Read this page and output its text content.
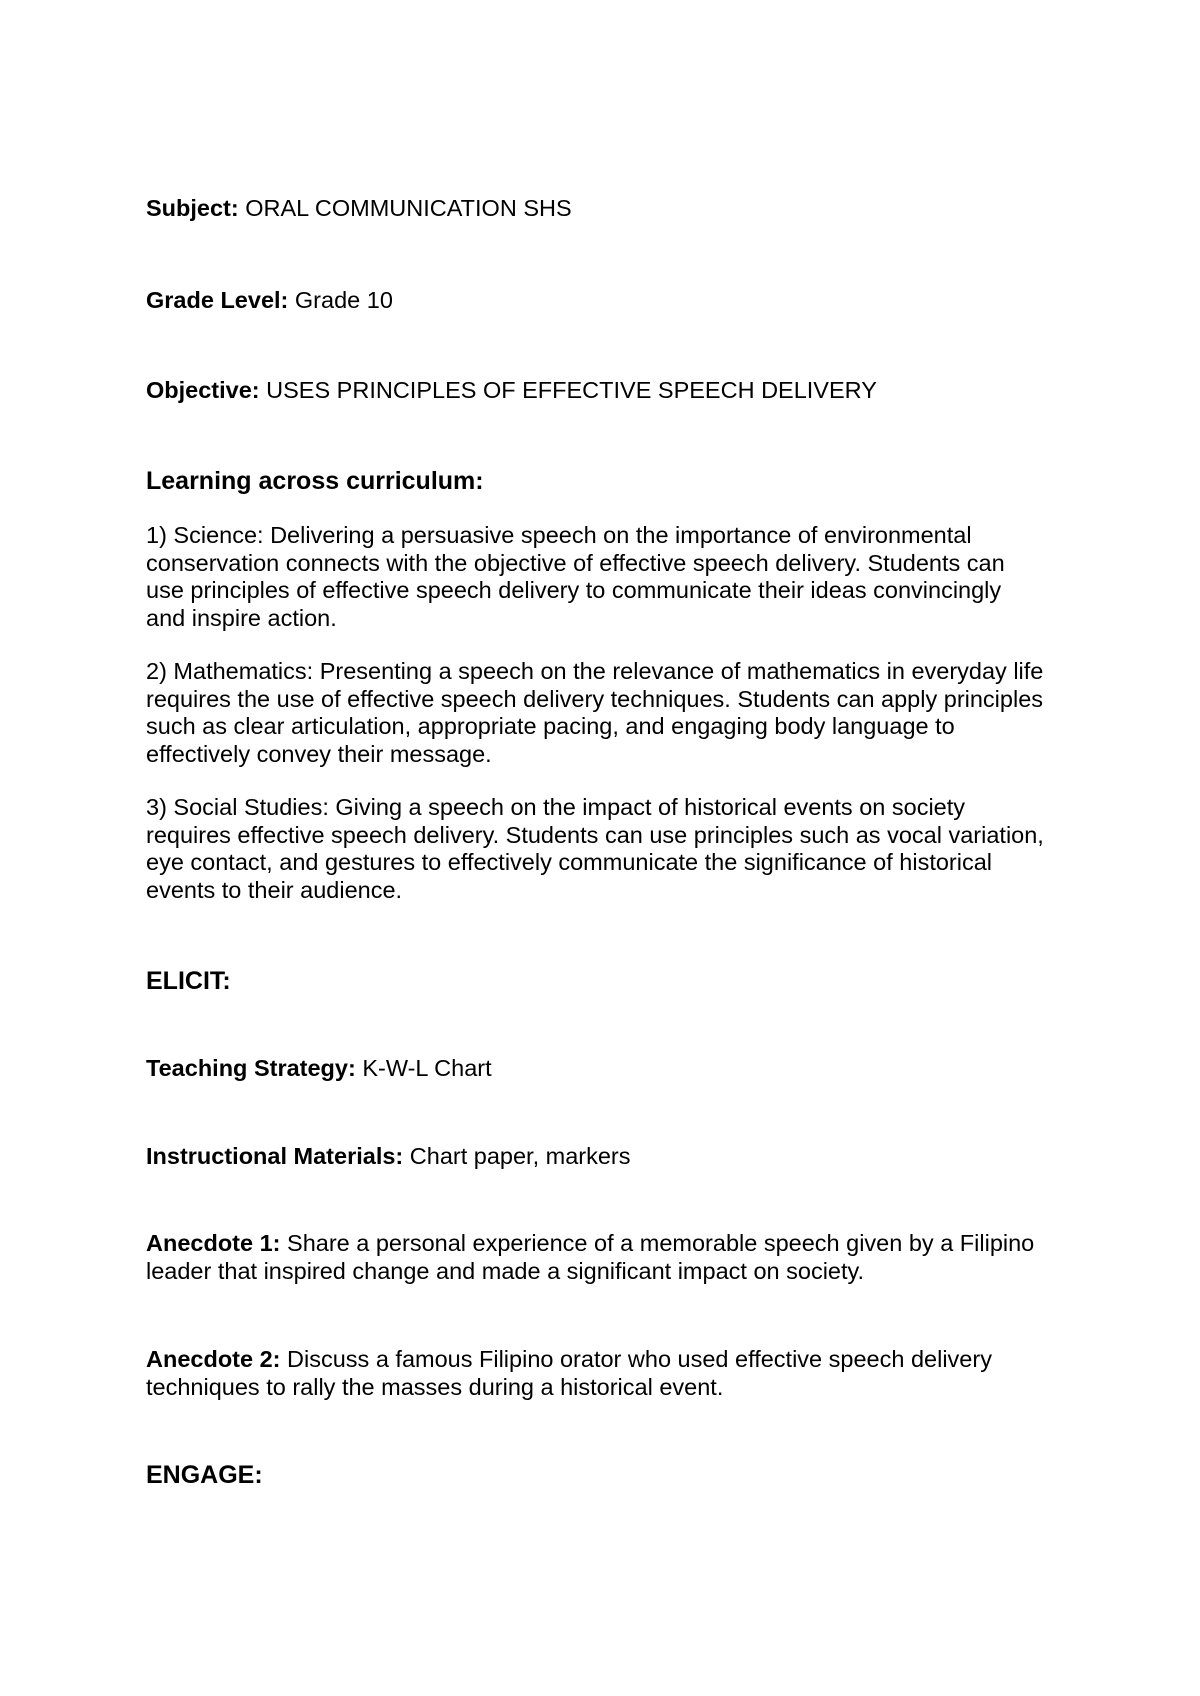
Subject: ORAL COMMUNICATION SHS

Grade Level: Grade 10

Objective: USES PRINCIPLES OF EFFECTIVE SPEECH DELIVERY

Learning across curriculum:

1) Science: Delivering a persuasive speech on the importance of environmental conservation connects with the objective of effective speech delivery. Students can use principles of effective speech delivery to communicate their ideas convincingly and inspire action.

2) Mathematics: Presenting a speech on the relevance of mathematics in everyday life requires the use of effective speech delivery techniques. Students can apply principles such as clear articulation, appropriate pacing, and engaging body language to effectively convey their message.

3) Social Studies: Giving a speech on the impact of historical events on society requires effective speech delivery. Students can use principles such as vocal variation, eye contact, and gestures to effectively communicate the significance of historical events to their audience.

ELICIT:

Teaching Strategy: K-W-L Chart

Instructional Materials: Chart paper, markers

Anecdote 1: Share a personal experience of a memorable speech given by a Filipino leader that inspired change and made a significant impact on society.

Anecdote 2: Discuss a famous Filipino orator who used effective speech delivery techniques to rally the masses during a historical event.

ENGAGE:
